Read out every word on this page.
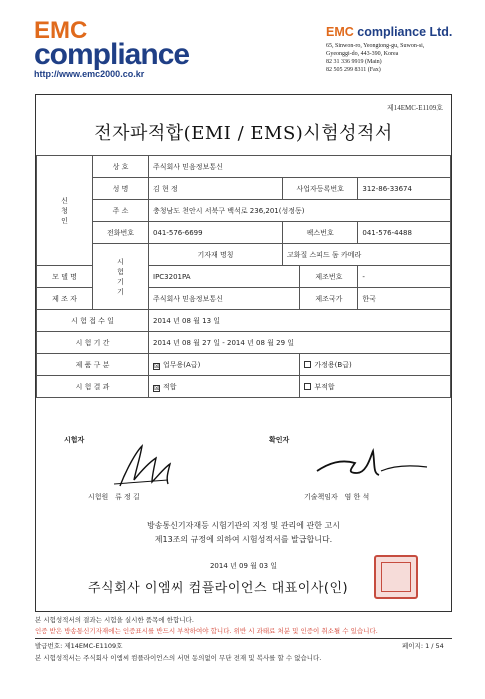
EMC
compliance
http://www.emc2000.co.kr
EMC compliance Ltd.
65, Sinwon-ro, Yeongtong-gu, Suwon-si,
Gyeonggi-do, 443-390, Korea
82 31 336 9919 (Main)
82 505 299 8311 (Fax)
제14EMC-E1109호
전자파적합(EMI / EMS)시험성적서
신 청 인	상 호	주식회사 믿음정보통신			
	성 명	김 현 정	사업자등록번호		312-86-33674
	주 소	충청남도 천안시 서북구 백석로 236,201(성정동)			
	전화번호	041-576-6699	팩스번호		041-576-4488
	시 험 기 기	기자재 명칭	고화질 스피드 돔 카메라		
모 델 명		IPC3201PA		제조번호	-
제 조 자		주식회사 믿음정보통신		제조국가	한국
시 험 접 수 일		2014 년 08 월 13 일			
시 험 기 간		2014 년 08 월 27 일 - 2014 년 08 월 29 일			
제 품 구 분		☒ 업무용(A급)		가정용(B급)	
시 험 결 과		☒ 적합		부적합	
시험자	확인자
시험원 류 정 길	기술책임자 염 한 석
방송통신기자재등 시험기관의 지정 및 관리에 관한 고시
제13조의 규정에 의하여 시험성적서를 발급합니다.
2014 년 09 월 03 일
주식회사 이엠씨 컴플라이언스 대표이사(인)
본 시험성적서의 결과는 시험을 실시한 품목에 한합니다.
인증 받은 방송통신기자재에는 인증표시를 반드시 부착하여야 합니다. 위반 시 과태료 처분 및 인증이 취소될 수 있습니다.
발급번호: 제14EMC-E1109호	페이지: 1 / 54
본 시험성적서는 주식회사 이엠씨 컴플라이언스의 서면 동의없이 무단 전재 및 복사를 할 수 없습니다.
